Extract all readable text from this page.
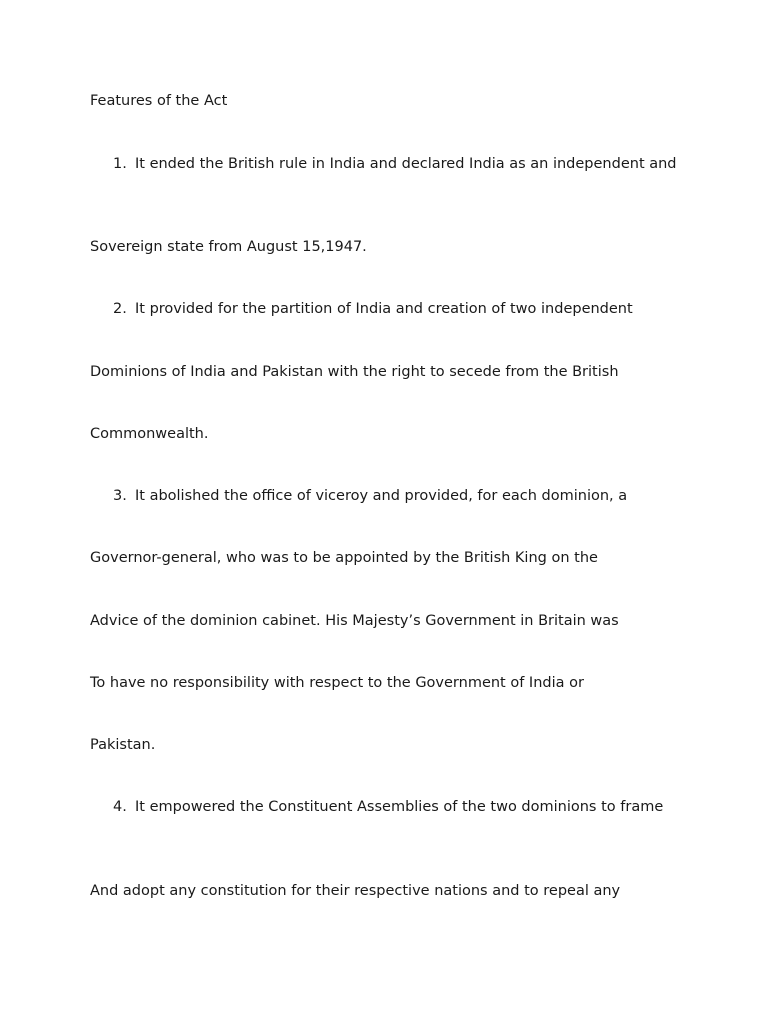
Features of the Act
1. It ended the British rule in India and declared India as an independent and
Sovereign state from August 15,1947.
2. It provided for the partition of India and creation of two independent
Dominions of India and Pakistan with the right to secede from the British
Commonwealth.
3. It abolished the office of viceroy and provided, for each dominion, a
Governor-general, who was to be appointed by the British King on the
Advice of the dominion cabinet. His Majesty’s Government in Britain was
To have no responsibility with respect to the Government of India or
Pakistan.
4. It empowered the Constituent Assemblies of the two dominions to frame
And adopt any constitution for their respective nations and to repeal any
